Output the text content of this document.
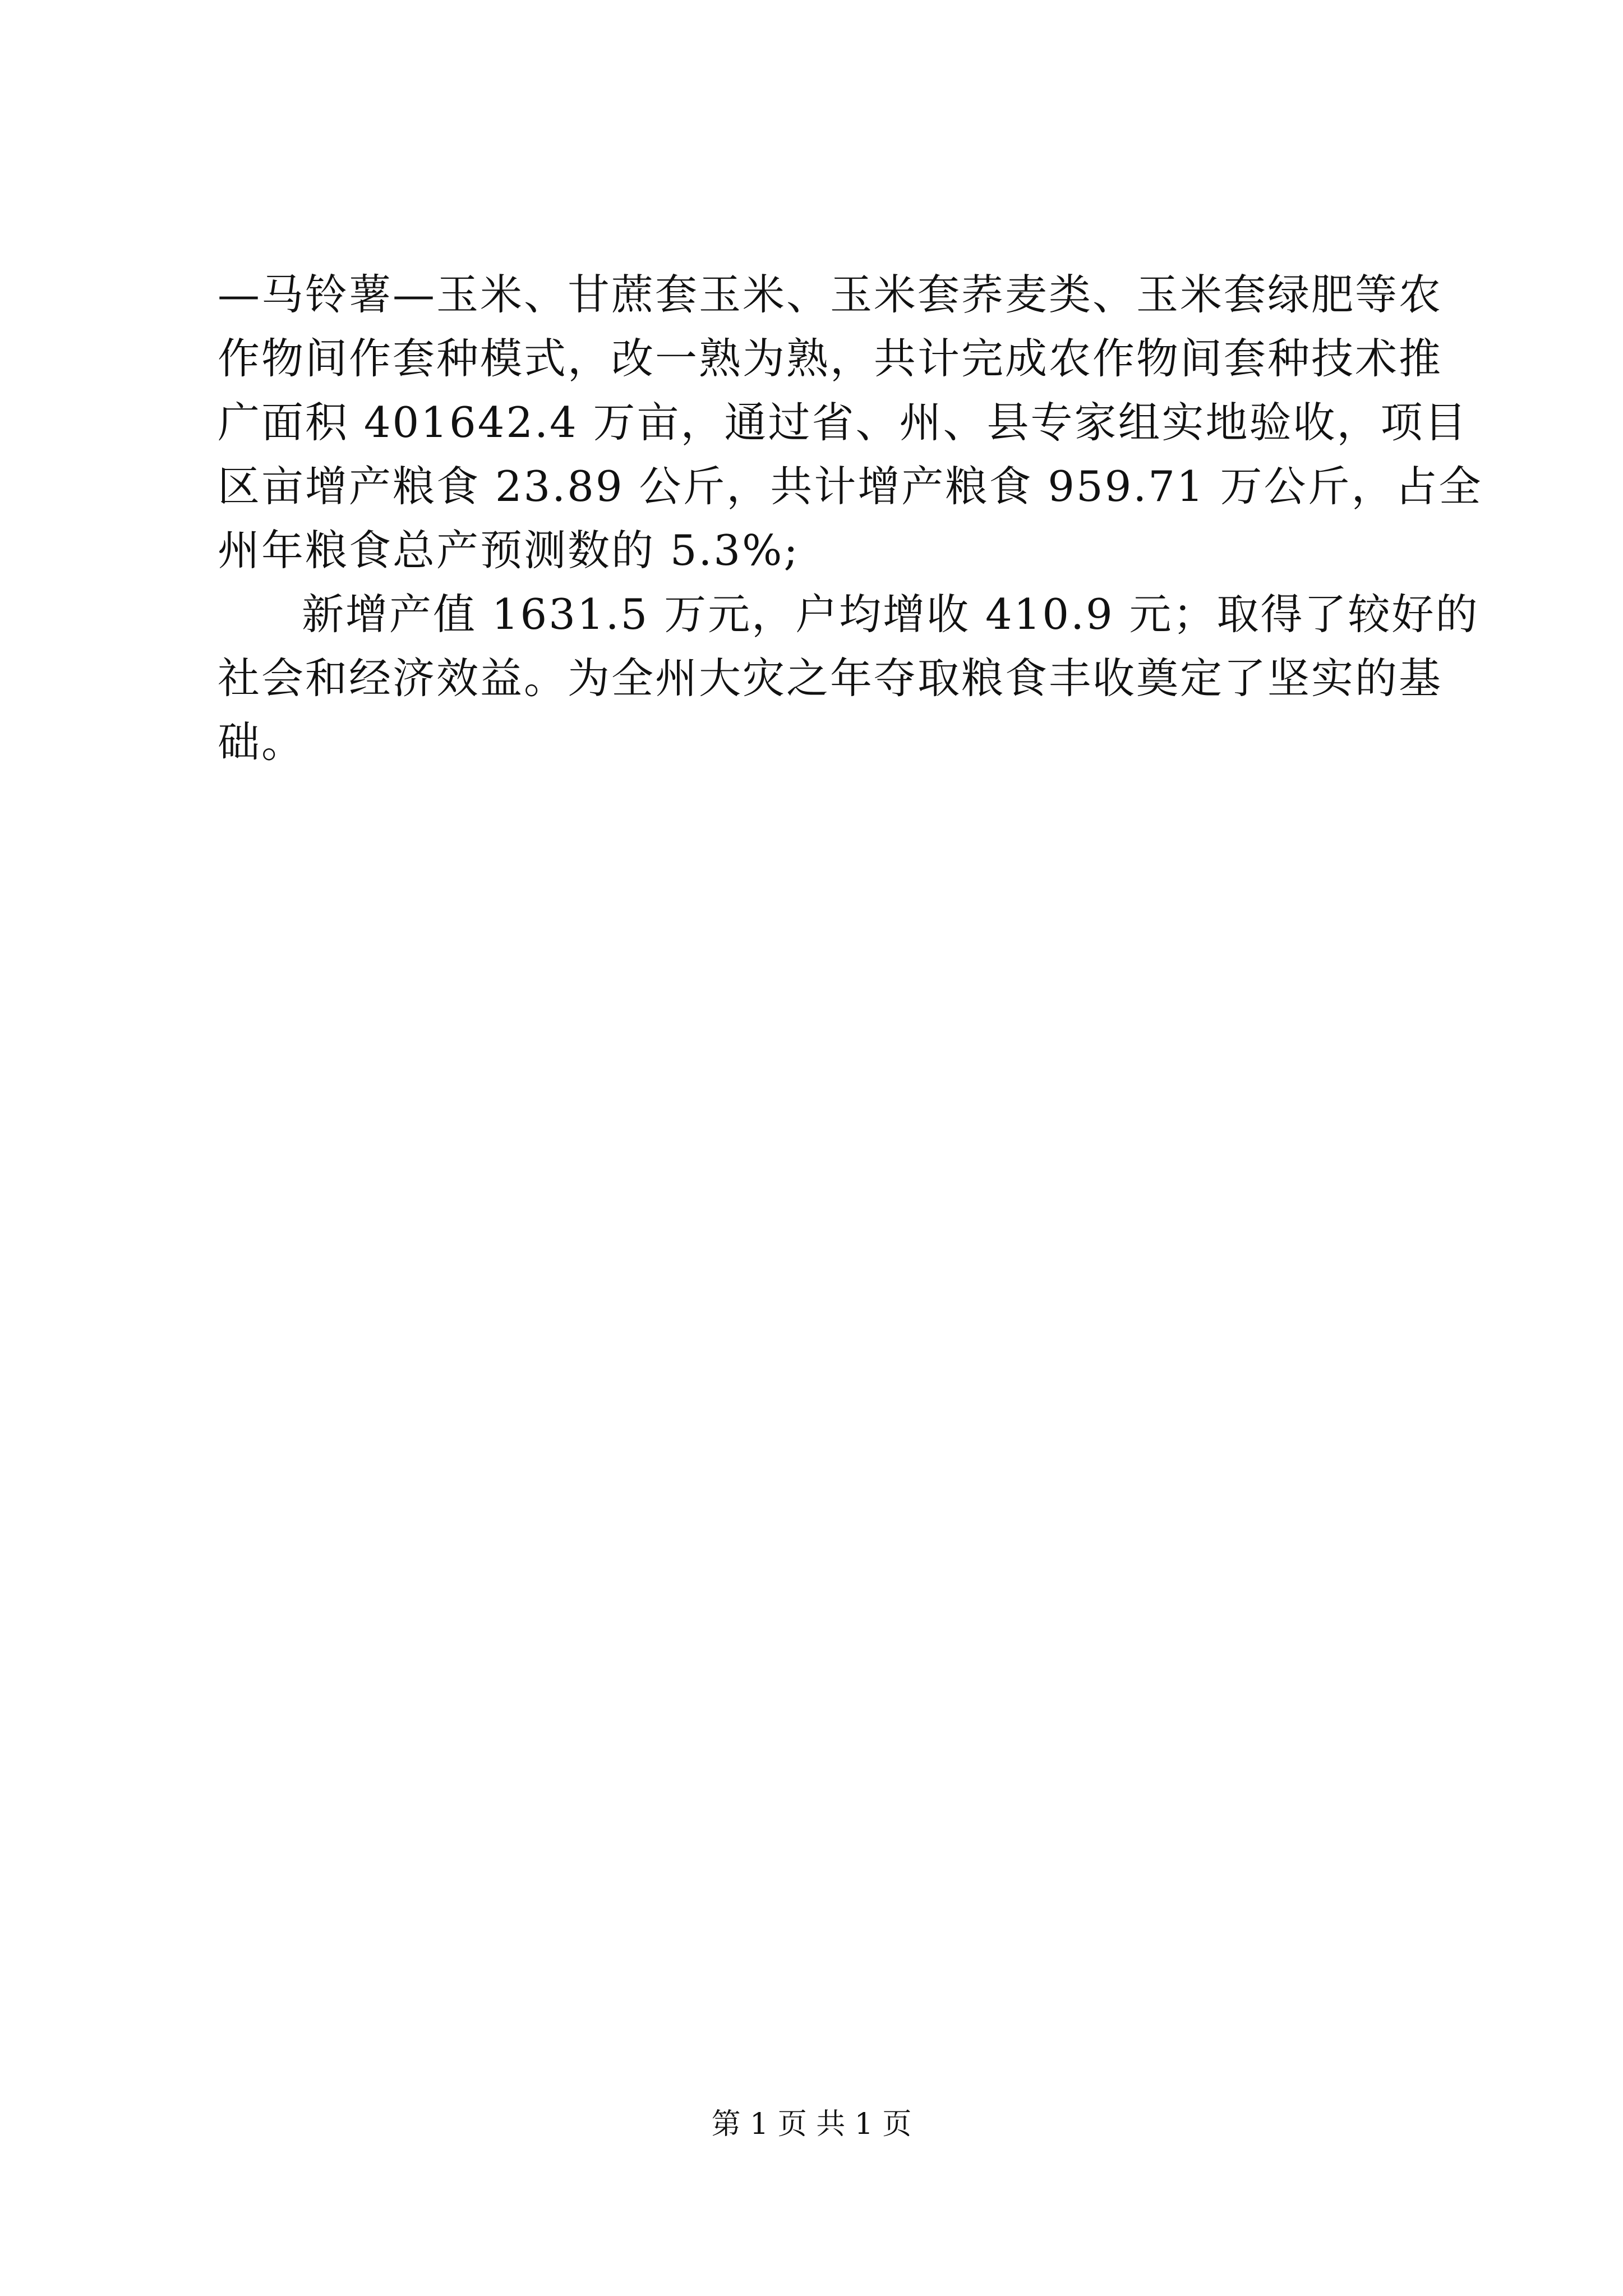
—马铃薯—玉米、甘蔗套玉米、玉米套荞麦类、玉米套绿肥等农
作物间作套种模式，改一熟为熟，共计完成农作物间套种技术推
广面积 401642.4 万亩，通过省、州、县专家组实地验收，项目
区亩增产粮食 23.89 公斤，共计增产粮食 959.71 万公斤，占全
州年粮食总产预测数的 5.3%;
新增产值 1631.5 万元，户均增收 410.9 元；取得了较好的
社会和经济效益。为全州大灾之年夺取粮食丰收奠定了坚实的基
础。
第 1 页 共 1 页
